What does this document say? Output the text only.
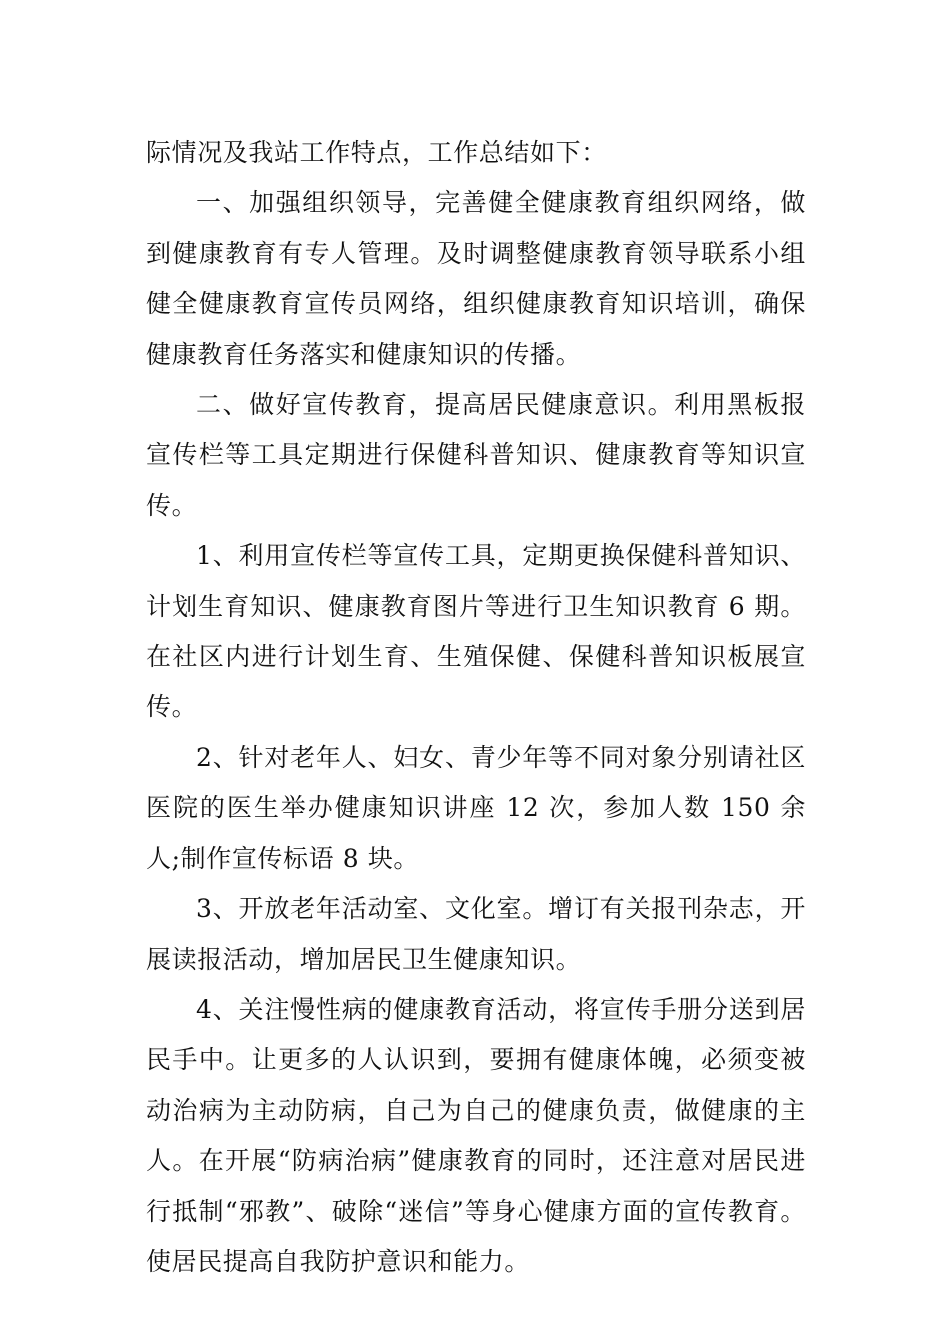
际情况及我站工作特点，工作总结如下：

一、加强组织领导，完善健全健康教育组织网络，做到健康教育有专人管理。及时调整健康教育领导联系小组健全健康教育宣传员网络，组织健康教育知识培训，确保健康教育任务落实和健康知识的传播。

二、做好宣传教育，提高居民健康意识。利用黑板报宣传栏等工具定期进行保健科普知识、健康教育等知识宣传。

1、利用宣传栏等宣传工具，定期更换保健科普知识、计划生育知识、健康教育图片等进行卫生知识教育 6 期。在社区内进行计划生育、生殖保健、保健科普知识板展宣传。

2、针对老年人、妇女、青少年等不同对象分别请社区医院的医生举办健康知识讲座 12 次，参加人数 150 余人;制作宣传标语 8 块。

3、开放老年活动室、文化室。增订有关报刊杂志，开展读报活动，增加居民卫生健康知识。

4、关注慢性病的健康教育活动，将宣传手册分送到居民手中。让更多的人认识到，要拥有健康体魄，必须变被动治病为主动防病，自己为自己的健康负责，做健康的主人。在开展“防病治病”健康教育的同时，还注意对居民进行抵制“邪教”、破除“迷信”等身心健康方面的宣传教育。使居民提高自我防护意识和能力。
